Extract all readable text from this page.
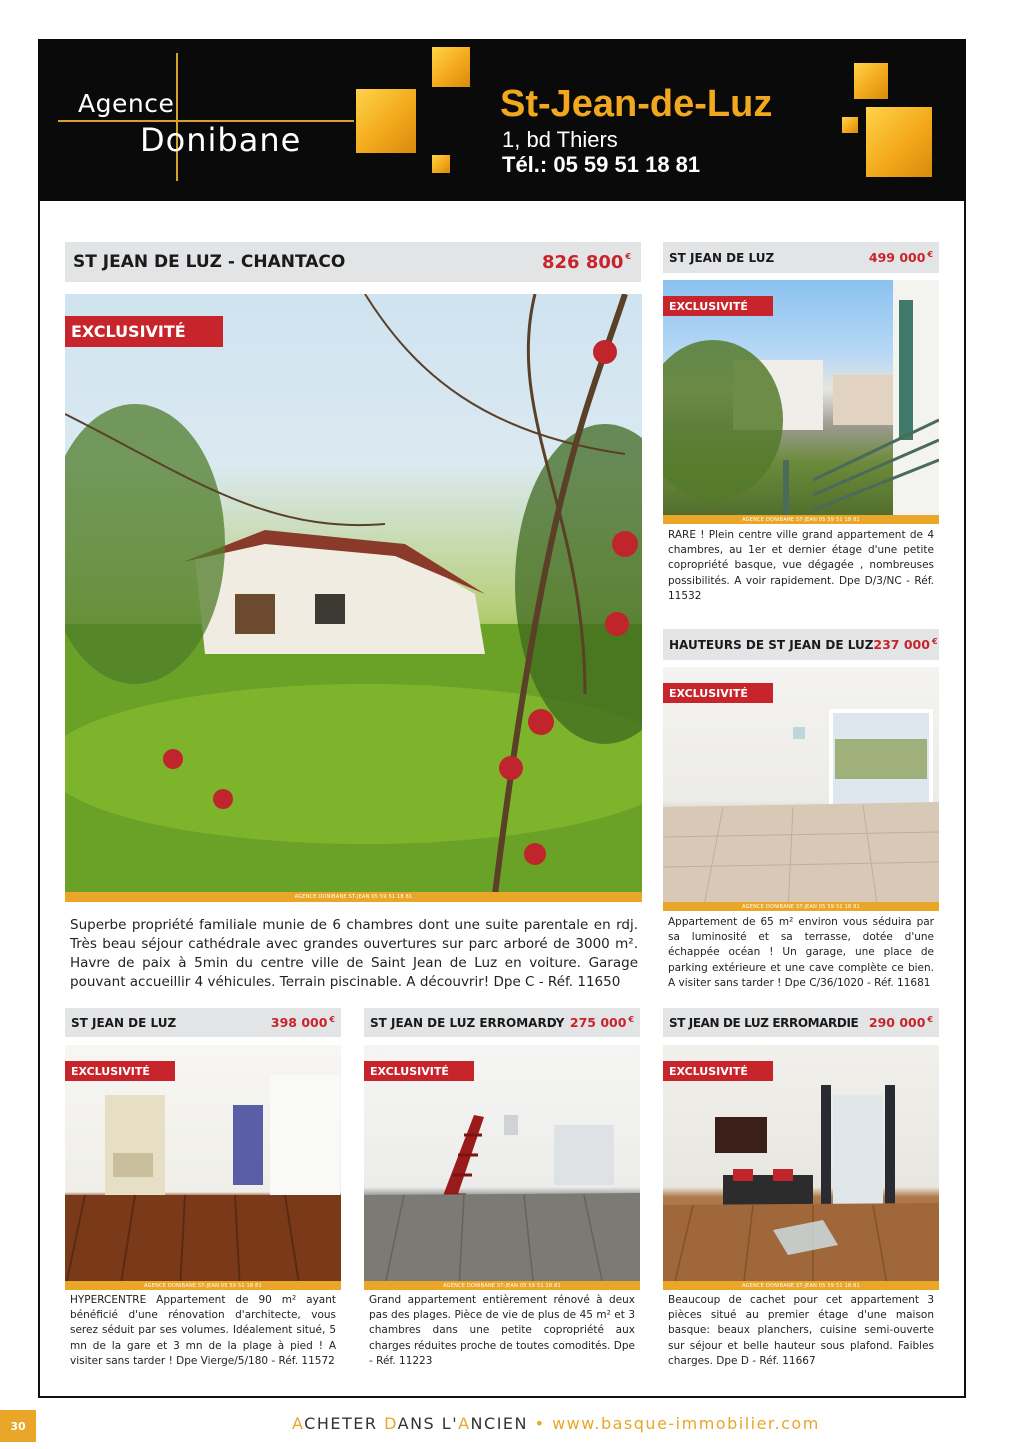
Agence
Donibane
St-Jean-de-Luz
1, bd Thiers
Tél.: 05 59 51 18 81
ST JEAN DE LUZ - CHANTACO	826 800 €
EXCLUSIVITÉ
AGENCE DONIBANE ST-JEAN 05 59 51 18 81
Superbe propriété familiale munie de 6 chambres dont une suite parentale en rdj. Très beau séjour cathédrale avec grandes ouvertures sur parc arboré de 3000 m². Havre de paix à 5min du centre ville de Saint Jean de Luz en voiture. Garage pouvant accueillir 4 véhicules. Terrain piscinable. A découvrir! Dpe C - Réf. 11650
ST JEAN DE LUZ	499 000 €
EXCLUSIVITÉ
AGENCE DONIBANE ST-JEAN 05 59 51 18 81
RARE ! Plein centre ville grand appartement de 4 chambres, au 1er et dernier étage d'une petite copropriété basque, vue dégagée , nombreuses possibilités. A voir rapidement. Dpe D/3/NC - Réf. 11532
HAUTEURS DE ST JEAN DE LUZ 237 000 €
EXCLUSIVITÉ
AGENCE DONIBANE ST-JEAN 05 59 51 18 81
Appartement de 65 m² environ vous séduira par sa luminosité et sa terrasse, dotée d'une échappée océan ! Un garage, une place de parking extérieure et une cave complète ce bien. A visiter sans tarder ! Dpe C/36/1020 - Réf. 11681
ST JEAN DE LUZ	398 000 €
EXCLUSIVITÉ
AGENCE DONIBANE ST-JEAN 05 59 51 18 81
HYPERCENTRE Appartement de 90 m² ayant bénéficié d'une rénovation d'architecte, vous serez séduit par ses volumes. Idéalement situé, 5 mn de la gare et 3 mn de la plage à pied ! A visiter sans tarder ! Dpe Vierge/5/180 - Réf. 11572
ST JEAN DE LUZ ERROMARDY 275 000 €
EXCLUSIVITÉ
AGENCE DONIBANE ST-JEAN 05 59 51 18 81
Grand appartement entièrement rénové à deux pas des plages. Pièce de vie de plus de 45 m² et 3 chambres dans une petite copropriété aux charges réduites proche de toutes comodités. Dpe - Réf. 11223
ST JEAN DE LUZ ERROMARDIE 290 000 €
EXCLUSIVITÉ
AGENCE DONIBANE ST-JEAN 05 59 51 18 81
Beaucoup de cachet pour cet appartement 3 pièces situé au premier étage d'une maison basque: beaux planchers, cuisine semi-ouverte sur séjour et belle hauteur sous plafond. Faibles charges. Dpe D - Réf. 11667
30	ACHETER DANS L'ANCIEN • www.basque-immobilier.com
